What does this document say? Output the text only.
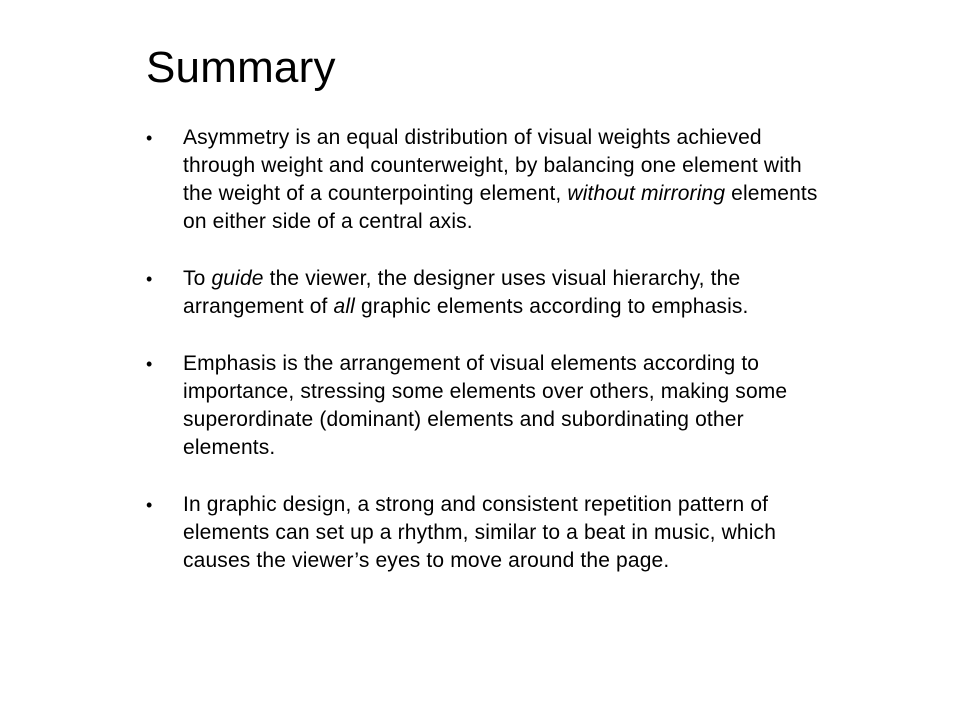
Summary
• Asymmetry is an equal distribution of visual weights achieved through weight and counterweight, by balancing one element with the weight of a counterpointing element, without mirroring elements on either side of a central axis.
• To guide the viewer, the designer uses visual hierarchy, the arrangement of all graphic elements according to emphasis.
• Emphasis is the arrangement of visual elements according to importance, stressing some elements over others, making some superordinate (dominant) elements and subordinating other elements.
• In graphic design, a strong and consistent repetition pattern of elements can set up a rhythm, similar to a beat in music, which causes the viewer’s eyes to move around the page.
